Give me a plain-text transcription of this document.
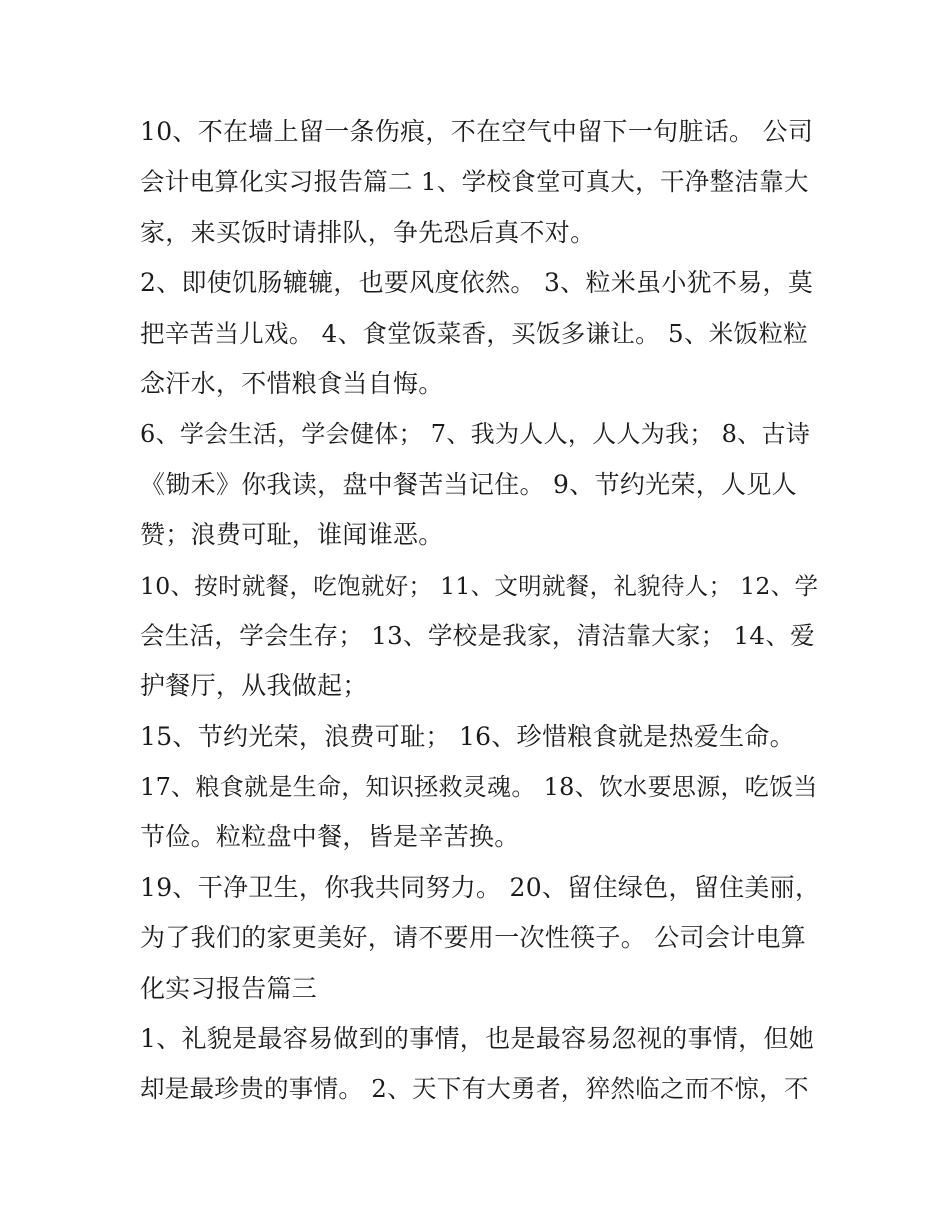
10、不在墙上留一条伤痕，不在空气中留下一句脏话。 公司
会计电算化实习报告篇二 1、学校食堂可真大，干净整洁靠大
家，来买饭时请排队，争先恐后真不对。
2、即使饥肠辘辘，也要风度依然。 3、粒米虽小犹不易，莫
把辛苦当儿戏。 4、食堂饭菜香，买饭多谦让。 5、米饭粒粒
念汗水，不惜粮食当自悔。
6、学会生活，学会健体； 7、我为人人，人人为我； 8、古诗
《锄禾》你我读，盘中餐苦当记住。 9、节约光荣，人见人
赞；浪费可耻，谁闻谁恶。
10、按时就餐，吃饱就好； 11、文明就餐，礼貌待人； 12、学
会生活，学会生存； 13、学校是我家，清洁靠大家； 14、爱
护餐厅，从我做起；
15、节约光荣，浪费可耻； 16、珍惜粮食就是热爱生命。
17、粮食就是生命，知识拯救灵魂。 18、饮水要思源，吃饭当
节俭。粒粒盘中餐，皆是辛苦换。
19、干净卫生，你我共同努力。 20、留住绿色，留住美丽，
为了我们的家更美好，请不要用一次性筷子。 公司会计电算
化实习报告篇三
1、礼貌是最容易做到的事情，也是最容易忽视的事情，但她
却是最珍贵的事情。 2、天下有大勇者，猝然临之而不惊，不
